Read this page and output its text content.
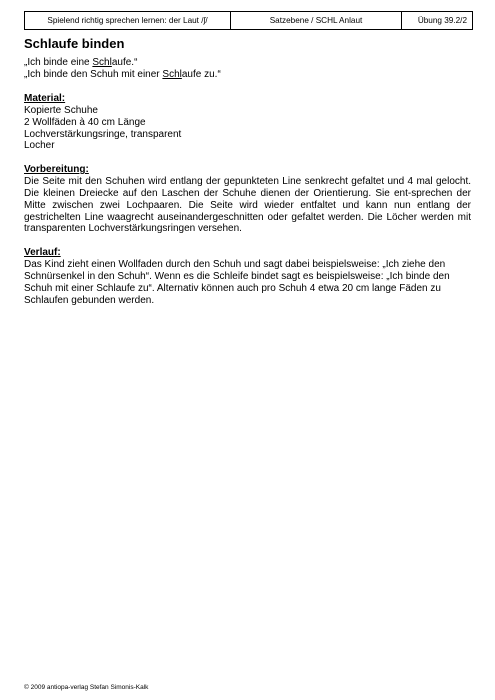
Spielend richtig sprechen lernen: der Laut /ʃ/	Satzebene / SCHL Anlaut	Übung 39.2/2
Schlaufe binden

„Ich binde eine Schlaufe.“

„Ich binde den Schuh mit einer Schlaufe zu.“

Material:

Kopierte Schuhe

2 Wollfäden à 40 cm Länge

Lochverstärkungsringe, transparent

Locher

Vorbereitung:

Die Seite mit den Schuhen wird entlang der gepunkteten Line senkrecht gefaltet und 4 mal gelocht. Die kleinen Dreiecke auf den Laschen der Schuhe dienen der Orientierung. Sie ent-sprechen der Mitte zwischen zwei Lochpaaren. Die Seite wird wieder entfaltet und kann nun entlang der gestrichelten Line waagrecht auseinandergeschnitten oder gefaltet werden. Die Löcher werden mit transparenten Lochverstärkungsringen versehen.

Verlauf:

Das Kind zieht einen Wollfaden durch den Schuh und sagt dabei beispielsweise: „Ich ziehe den Schnürsenkel in den Schuh“. Wenn es die Schleife bindet sagt es beispielsweise: „Ich binde den Schuh mit einer Schlaufe zu“. Alternativ können auch pro Schuh 4 etwa 20 cm lange Fäden zu Schlaufen gebunden werden.

© 2009 antiopa-verlag Stefan Simonis-Kalk
